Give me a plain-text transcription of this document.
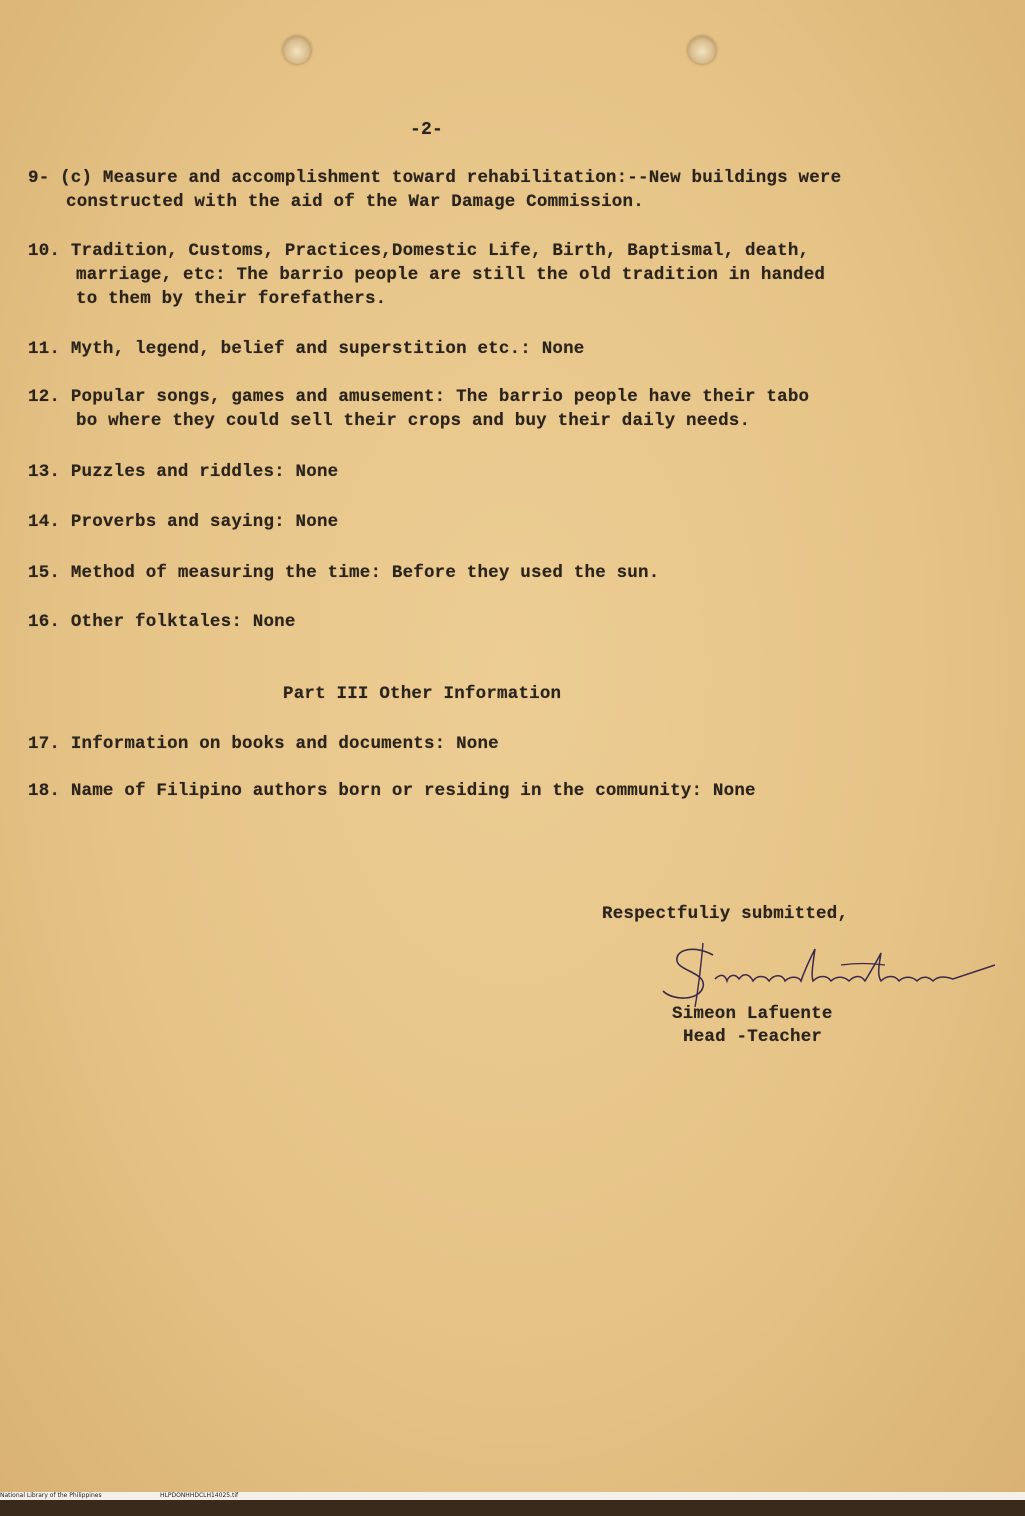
-2-
9- (c) Measure and accomplishment toward rehabilitation:--New buildings were
constructed with the aid of the War Damage Commission.
10. Tradition, Customs, Practices,Domestic Life, Birth, Baptismal, death,
marriage, etc: The barrio people are still the old tradition in handed
to them by their forefathers.
11. Myth, legend, belief and superstition etc.: None
12. Popular songs, games and amusement: The barrio people have their tabo
bo where they could sell their crops and buy their daily needs.
13. Puzzles and riddles: None
14. Proverbs and saying: None
15. Method of measuring the time: Before they used the sun.
16. Other folktales: None
Part III Other Information
17. Information on books and documents: None
18. Name of Filipino authors born or residing in the community: None
Respectfuliy submitted,
Simeon Lafuente
Head -Teacher

National Library of the Philippines

	HLPDONHHDCLH14025.tif
